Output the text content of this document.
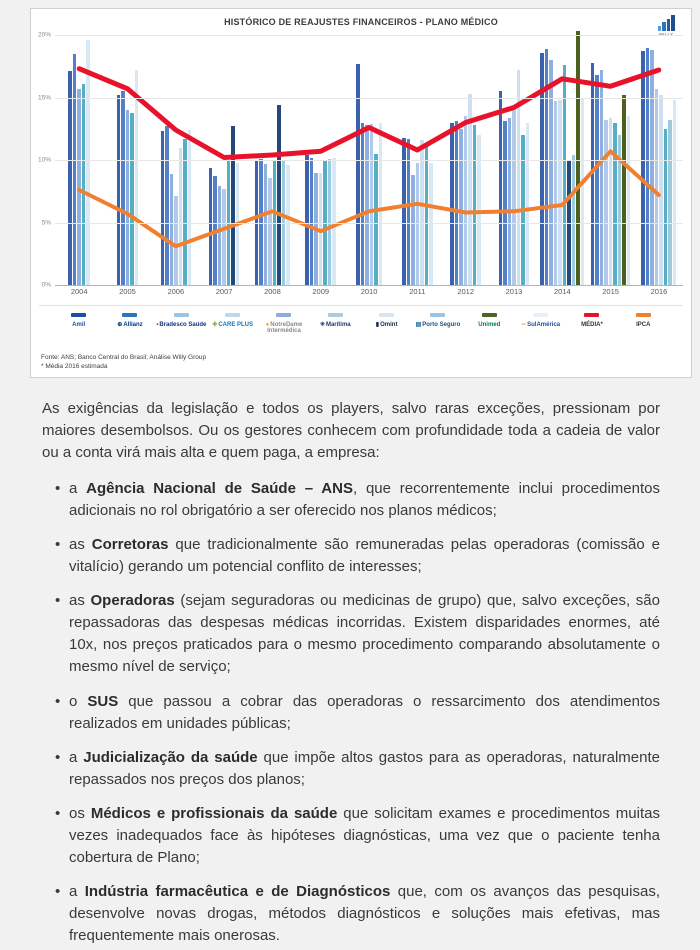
HISTÓRICO DE REAJUSTES FINANCEIROS - PLANO MÉDICO
20%
15%
10%
5%
0%
2004	2005	2006	2007	2008	2009	2010	2011	2012	2013	2014	2015	2016
Amil	⊕Allianz ▪Bradesco Saúde ✚CARE PLUS	●NotreDame Intermédica
✳Marítima	▮Omint	▤Porto Seguro	Unimed	∼SulAmérica	MÉDIA*	IPCA
Fonte: ANS; Banco Central do Brasil; Análise Willy Group
* Média 2016 estimada

As exigências da legislação e todos os players, salvo raras exceções, pressionam por maiores desembolsos. Ou os gestores conhecem com profundidade toda a cadeia de valor ou a conta virá mais alta e quem paga, a empresa:

• a Agência Nacional de Saúde – ANS, que recorrentemente inclui procedimentos adicionais no rol obrigatório a ser oferecido nos planos médicos;
• as Corretoras que tradicionalmente são remuneradas pelas operadoras (comissão e vitalício) gerando um potencial conflito de interesses;
• as Operadoras (sejam seguradoras ou medicinas de grupo) que, salvo exceções, são repassadoras das despesas médicas incorridas. Existem disparidades enormes, até 10x, nos preços praticados para o mesmo procedimento comparando absolutamente o mesmo nível de serviço;
• o SUS que passou a cobrar das operadoras o ressarcimento dos atendimentos realizados em unidades públicas;
• a Judicialização da saúde que impõe altos gastos para as operadoras, naturalmente repassados nos preços dos planos;
• os Médicos e profissionais da saúde que solicitam exames e procedimentos muitas vezes inadequados face às hipóteses diagnósticas, uma vez que o paciente tenha cobertura de Plano;
• a Indústria farmacêutica e de Diagnósticos que, com os avanços das pesquisas, desenvolve novas drogas, métodos diagnósticos e soluções mais efetivas, mas frequentemente mais onerosas.
